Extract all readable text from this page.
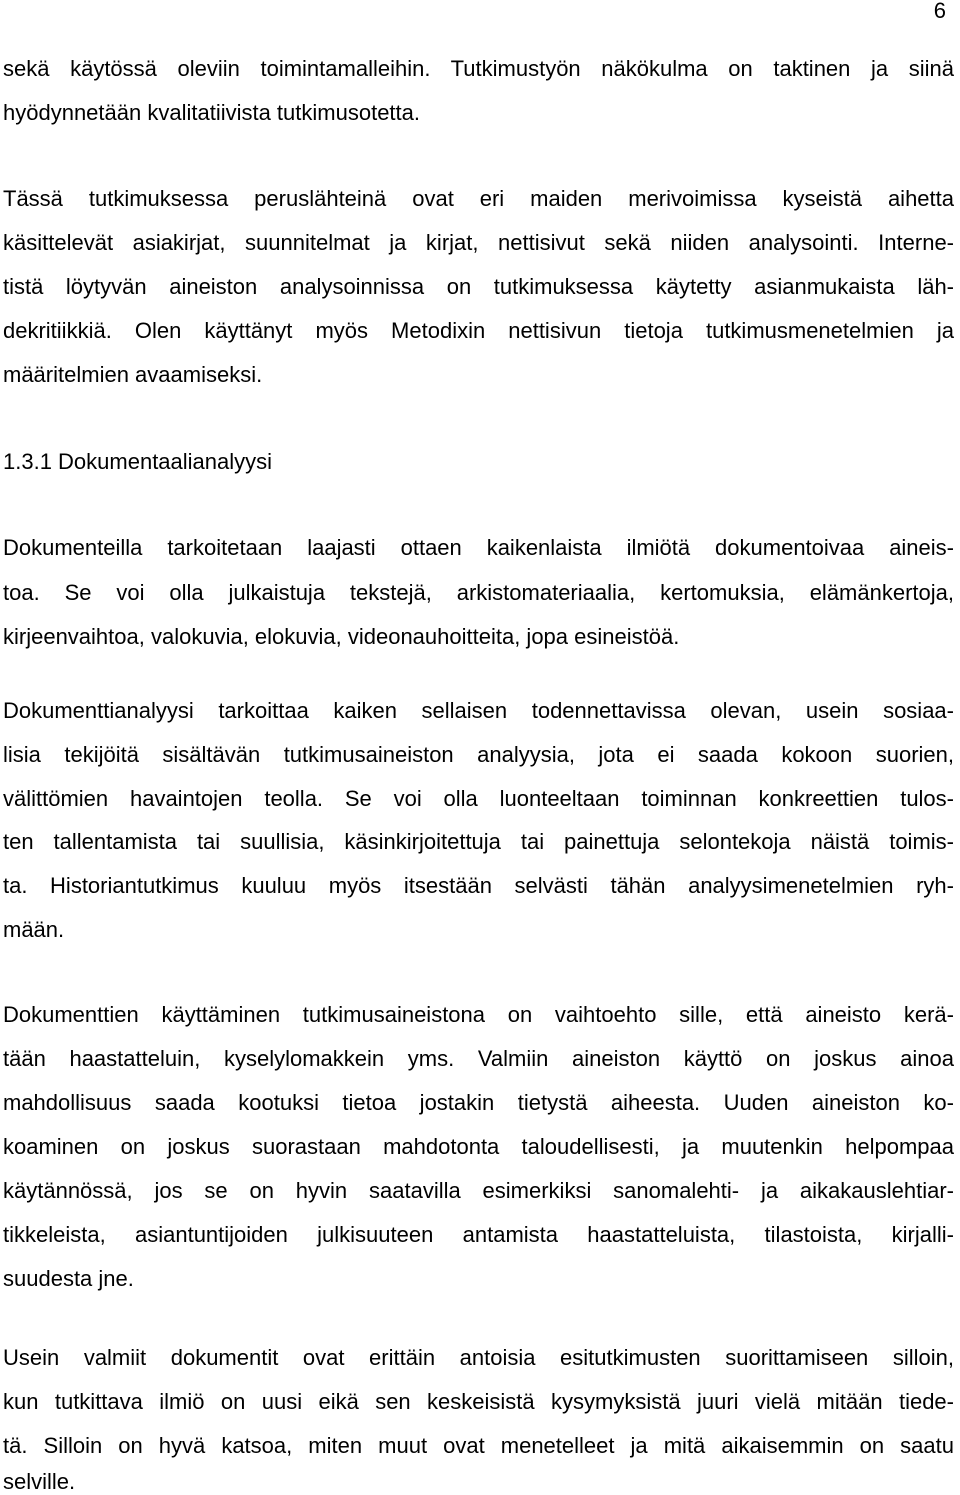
6
sekä käytössä oleviin toimintamalleihin. Tutkimustyön näkökulma on taktinen ja siinä
hyödynnetään kvalitatiivista tutkimusotetta.
Tässä tutkimuksessa peruslähteinä ovat eri maiden merivoimissa kyseistä aihetta
käsittelevät asiakirjat, suunnitelmat ja kirjat, nettisivut sekä niiden analysointi. Interne-
tistä löytyvän aineiston analysoinnissa on tutkimuksessa käytetty asianmukaista läh-
dekritiikkiä. Olen käyttänyt myös Metodixin nettisivun tietoja tutkimusmenetelmien ja
määritelmien avaamiseksi.
1.3.1 Dokumentaalianalyysi
Dokumenteilla tarkoitetaan laajasti ottaen kaikenlaista ilmiötä dokumentoivaa aineis-
toa. Se voi olla julkaistuja tekstejä, arkistomateriaalia, kertomuksia, elämänkertoja,
kirjeenvaihtoa, valokuvia, elokuvia, videonauhoitteita, jopa esineistöä.
Dokumenttianalyysi tarkoittaa kaiken sellaisen todennettavissa olevan, usein sosiaa-
lisia tekijöitä sisältävän tutkimusaineiston analyysia, jota ei saada kokoon suorien,
välittömien havaintojen teolla. Se voi olla luonteeltaan toiminnan konkreettien tulos-
ten tallentamista tai suullisia, käsinkirjoitettuja tai painettuja selontekoja näistä toimis-
ta. Historiantutkimus kuuluu myös itsestään selvästi tähän analyysimenetelmien ryh-
mään.
Dokumenttien käyttäminen tutkimusaineistona on vaihtoehto sille, että aineisto kerä-
tään haastatteluin, kyselylomakkein yms. Valmiin aineiston käyttö on joskus ainoa
mahdollisuus saada kootuksi tietoa jostakin tietystä aiheesta. Uuden aineiston ko-
koaminen on joskus suorastaan mahdotonta taloudellisesti, ja muutenkin helpompaa
käytännössä, jos se on hyvin saatavilla esimerkiksi sanomalehti- ja aikakauslehtiar-
tikkeleista, asiantuntijoiden julkisuuteen antamista haastatteluista, tilastoista, kirjalli-
suudesta jne.
Usein valmiit dokumentit ovat erittäin antoisia esitutkimusten suorittamiseen silloin,
kun tutkittava ilmiö on uusi eikä sen keskeisistä kysymyksistä juuri vielä mitään tiede-
tä. Silloin on hyvä katsoa, miten muut ovat menetelleet ja mitä aikaisemmin on saatu
selville.
